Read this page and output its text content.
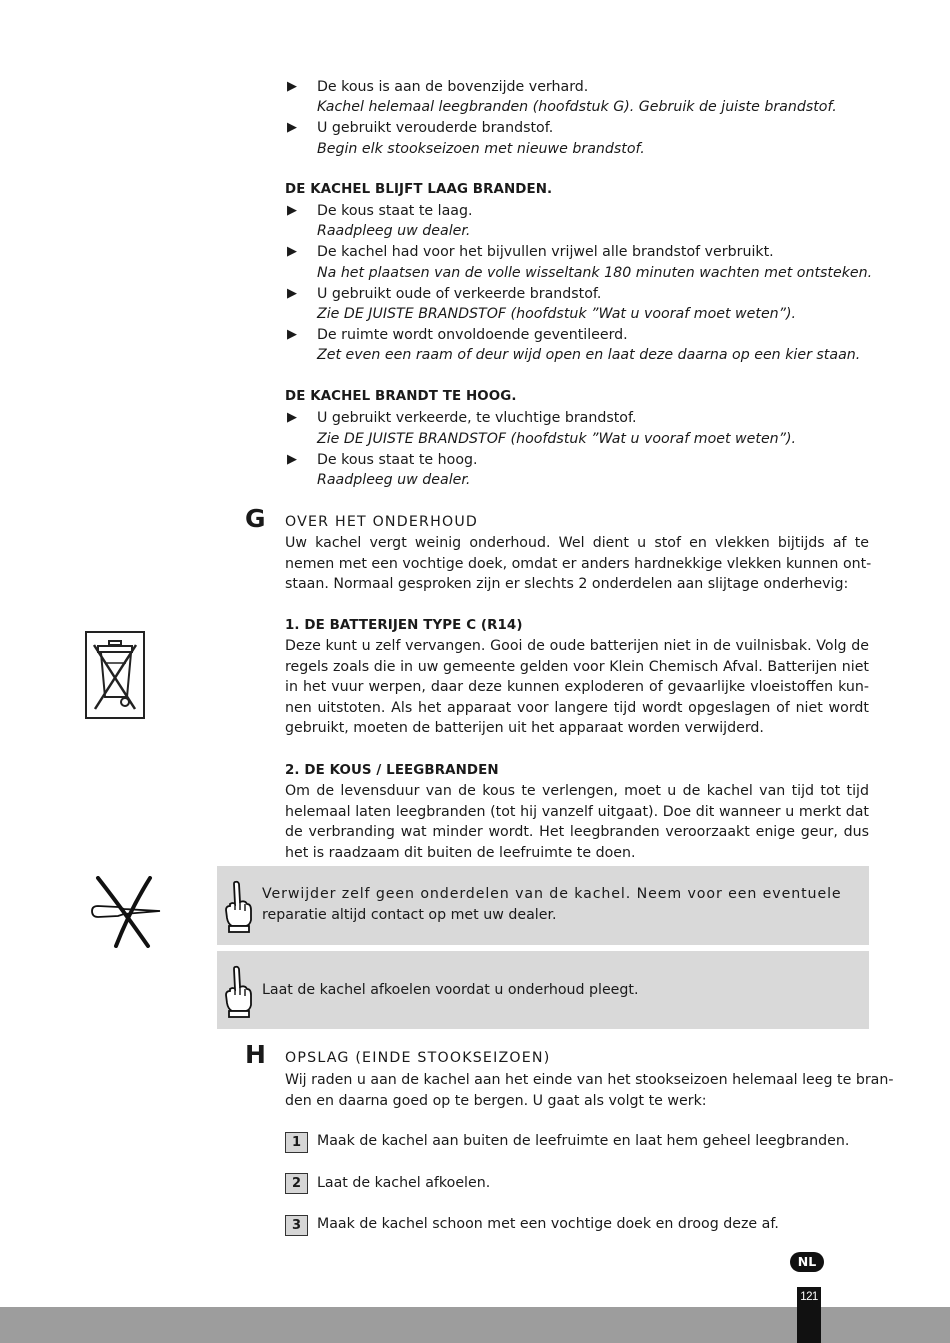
▶	De kous is aan de bovenzijde verhard.
Kachel helemaal leegbranden (hoofdstuk G). Gebruik de juiste brandstof.
▶	U gebruikt verouderde brandstof.
Begin elk stookseizoen met nieuwe brandstof.
DE KACHEL BLIJFT LAAG BRANDEN.
▶	De kous staat te laag.
Raadpleeg uw dealer.
▶	De kachel had voor het bijvullen vrijwel alle brandstof verbruikt.
Na het plaatsen van de volle wisseltank 180 minuten wachten met ontsteken.
▶	U gebruikt oude of verkeerde brandstof.
Zie DE JUISTE BRANDSTOF (hoofdstuk ”Wat u vooraf moet weten”).
▶	De ruimte wordt onvoldoende geventileerd.
Zet even een raam of deur wijd open en laat deze daarna op een kier staan.
DE KACHEL BRANDT TE HOOG.
▶	U gebruikt verkeerde, te vluchtige brandstof.
Zie DE JUISTE BRANDSTOF (hoofdstuk ”Wat u vooraf moet weten”).
▶	De kous staat te hoog.
Raadpleeg uw dealer.
G OVER HET ONDERHOUD
Uw kachel vergt weinig onderhoud. Wel dient u stof en vlekken bijtijds af te
nemen met een vochtige doek, omdat er anders hardnekkige vlekken kunnen ont-
staan. Normaal gesproken zijn er slechts 2 onderdelen aan slijtage onderhevig:
1. DE BATTERIJEN TYPE C (R14)
Deze kunt u zelf vervangen. Gooi de oude batterijen niet in de vuilnisbak. Volg de
regels zoals die in uw gemeente gelden voor Klein Chemisch Afval. Batterijen niet
in het vuur werpen, daar deze kunnen exploderen of gevaarlijke vloeistoffen kun-
nen uitstoten. Als het apparaat voor langere tijd wordt opgeslagen of niet wordt
gebruikt, moeten de batterijen uit het apparaat worden verwijderd.
2. DE KOUS / LEEGBRANDEN
Om de levensduur van de kous te verlengen, moet u de kachel van tijd tot tijd
helemaal laten leegbranden (tot hij vanzelf uitgaat). Doe dit wanneer u merkt dat
de verbranding wat minder wordt. Het leegbranden veroorzaakt enige geur, dus
het is raadzaam dit buiten de leefruimte te doen.
Verwijder zelf geen onderdelen van de kachel. Neem voor een eventuele
reparatie altijd contact op met uw dealer.
Laat de kachel afkoelen voordat u onderhoud pleegt.
H OPSLAG (EINDE STOOKSEIZOEN)
Wij raden u aan de kachel aan het einde van het stookseizoen helemaal leeg te bran-
den en daarna goed op te bergen. U gaat als volgt te werk:
1	Maak de kachel aan buiten de leefruimte en laat hem geheel leegbranden.
2	Laat de kachel afkoelen.
3	Maak de kachel schoon met een vochtige doek en droog deze af.
NL
121
